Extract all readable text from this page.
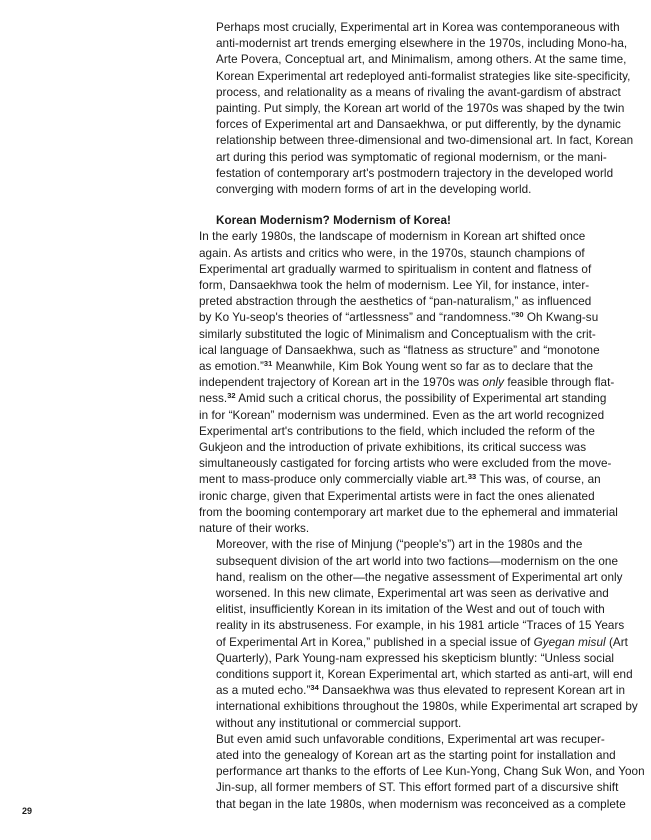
Perhaps most crucially, Experimental art in Korea was contemporaneous with
anti-modernist art trends emerging elsewhere in the 1970s, including Mono-ha,
Arte Povera, Conceptual art, and Minimalism, among others. At the same time,
Korean Experimental art redeployed anti-formalist strategies like site-specificity,
process, and relationality as a means of rivaling the avant-gardism of abstract
painting. Put simply, the Korean art world of the 1970s was shaped by the twin
forces of Experimental art and Dansaekhwa, or put differently, by the dynamic
relationship between three-dimensional and two-dimensional art. In fact, Korean
art during this period was symptomatic of regional modernism, or the mani-
festation of contemporary art's postmodern trajectory in the developed world
converging with modern forms of art in the developing world.

Korean Modernism? Modernism of Korea!

In the early 1980s, the landscape of modernism in Korean art shifted once
again. As artists and critics who were, in the 1970s, staunch champions of
Experimental art gradually warmed to spiritualism in content and flatness of
form, Dansaekhwa took the helm of modernism. Lee Yil, for instance, inter-
preted abstraction through the aesthetics of “pan-naturalism,” as influenced
by Ko Yu-seop's theories of “artlessness” and “randomness.”$^{30}$ Oh Kwang-su
similarly substituted the logic of Minimalism and Conceptualism with the crit-
ical language of Dansaekhwa, such as “flatness as structure” and “monotone
as emotion.”$^{31}$ Meanwhile, Kim Bok Young went so far as to declare that the
independent trajectory of Korean art in the 1970s was only feasible through flat-
ness.$^{32}$ Amid such a critical chorus, the possibility of Experimental art standing
in for “Korean” modernism was undermined. Even as the art world recognized
Experimental art's contributions to the field, which included the reform of the
Gukjeon and the introduction of private exhibitions, its critical success was
simultaneously castigated for forcing artists who were excluded from the move-
ment to mass-produce only commercially viable art.$^{33}$ This was, of course, an
ironic charge, given that Experimental artists were in fact the ones alienated
from the booming contemporary art market due to the ephemeral and immaterial
nature of their works.

Moreover, with the rise of Minjung (“people's”) art in the 1980s and the
subsequent division of the art world into two factions—modernism on the one
hand, realism on the other—the negative assessment of Experimental art only
worsened. In this new climate, Experimental art was seen as derivative and
elitist, insufficiently Korean in its imitation of the West and out of touch with
reality in its abstruseness. For example, in his 1981 article “Traces of 15 Years
of Experimental Art in Korea,” published in a special issue of Gyegan misul (Art
Quarterly), Park Young-nam expressed his skepticism bluntly: “Unless social
conditions support it, Korean Experimental art, which started as anti-art, will end
as a muted echo.”$^{34}$ Dansaekhwa was thus elevated to represent Korean art in
international exhibitions throughout the 1980s, while Experimental art scraped by
without any institutional or commercial support.

But even amid such unfavorable conditions, Experimental art was recuper-
ated into the genealogy of Korean art as the starting point for installation and
performance art thanks to the efforts of Lee Kun-Yong, Chang Suk Won, and Yoon
Jin-sup, all former members of ST. This effort formed part of a discursive shift
that began in the late 1980s, when modernism was reconceived as a complete

29
